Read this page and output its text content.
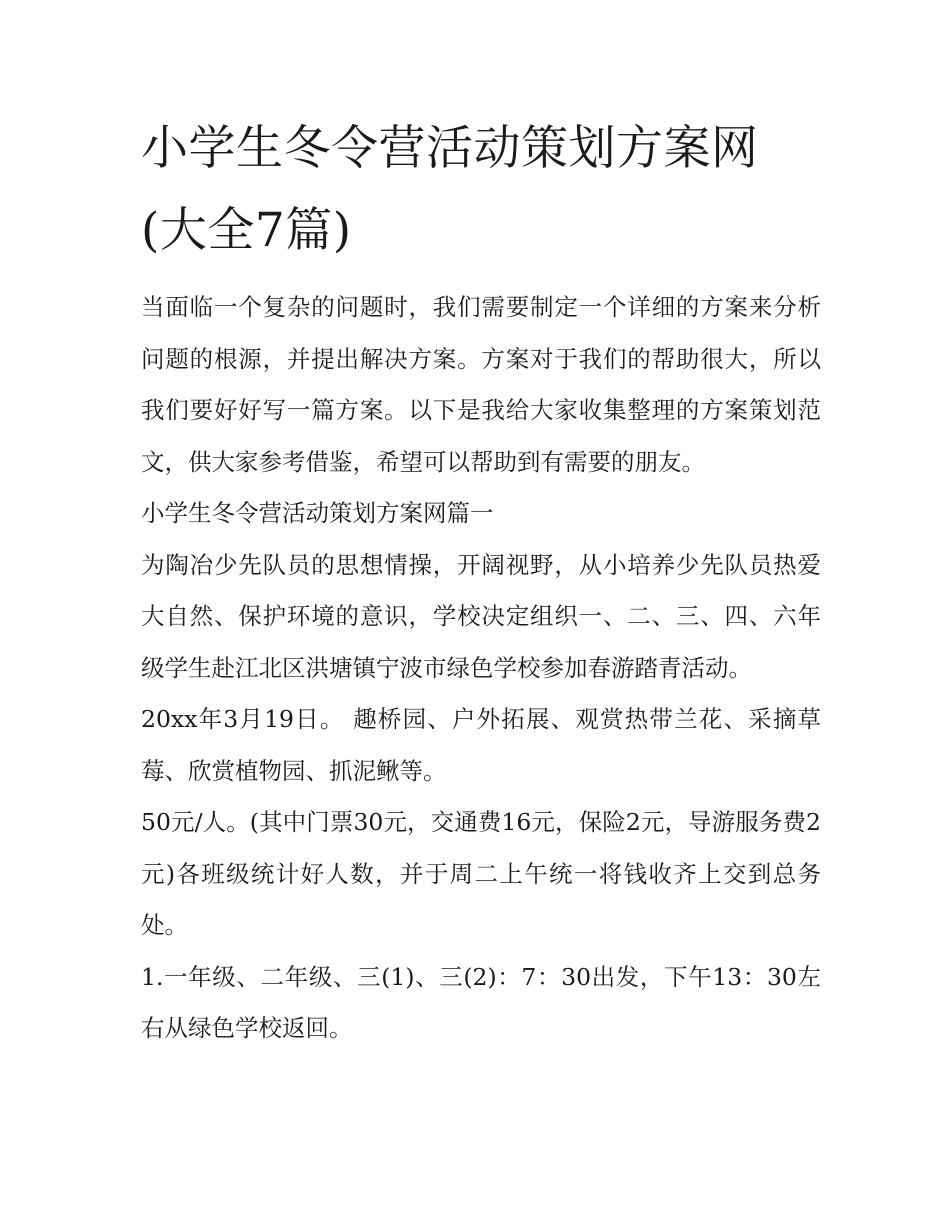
小学生冬令营活动策划方案网(大全7篇)

当面临一个复杂的问题时，我们需要制定一个详细的方案来分析问题的根源，并提出解决方案。方案对于我们的帮助很大，所以我们要好好写一篇方案。以下是我给大家收集整理的方案策划范文，供大家参考借鉴，希望可以帮助到有需要的朋友。

小学生冬令营活动策划方案网篇一

为陶冶少先队员的思想情操，开阔视野，从小培养少先队员热爱大自然、保护环境的意识，学校决定组织一、二、三、四、六年级学生赴江北区洪塘镇宁波市绿色学校参加春游踏青活动。

20xx年3月19日。 趣桥园、户外拓展、观赏热带兰花、采摘草莓、欣赏植物园、抓泥鳅等。

50元/人。(其中门票30元，交通费16元，保险2元，导游服务费2元)各班级统计好人数，并于周二上午统一将钱收齐上交到总务处。

1.一年级、二年级、三(1)、三(2)：7：30出发，下午13：30左右从绿色学校返回。
